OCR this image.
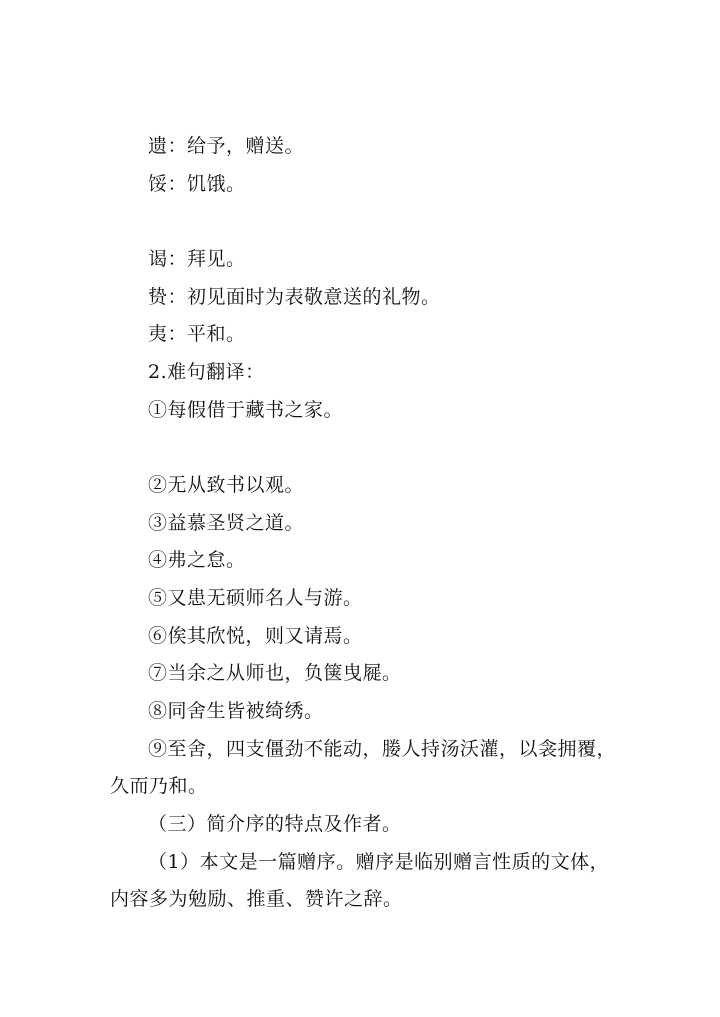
遗：给予，赠送。
馁：饥饿。
谒：拜见。
贽：初见面时为表敬意送的礼物。
夷：平和。
2.难句翻译：
①每假借于藏书之家。
②无从致书以观。
③益慕圣贤之道。
④弗之怠。
⑤又患无硕师名人与游。
⑥俟其欣悦，则又请焉。
⑦当余之从师也，负箧曳屣。
⑧同舍生皆被绮绣。
⑨至舍，四支僵劲不能动，媵人持汤沃灌，以衾拥覆，
久而乃和。
（三）简介序的特点及作者。
（1）本文是一篇赠序。赠序是临别赠言性质的文体，
内容多为勉励、推重、赞许之辞。
